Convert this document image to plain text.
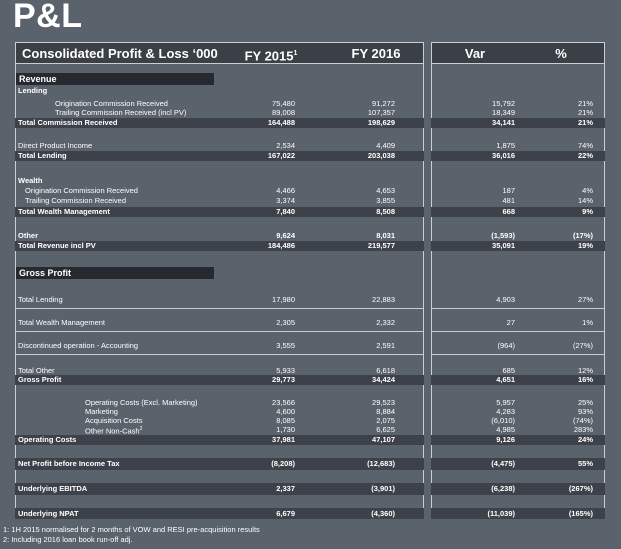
P&L
Consolidated Profit & Loss ‘000	FY 2015$^1$	FY 2016	Var	%
Revenue
Lending
Origination Commission Received	75,480	91,272	15,792	21%
Trailing Commission Received (incl PV)	89,008	107,357	18,349	21%
Total Commission Received	164,488	198,629	34,141	21%
Direct Product Income	2,534	4,409	1,875	74%
Total Lending	167,022	203,038	36,016	22%
Wealth
Origination Commission Received	4,466	4,653	187	4%
Trailing Commission Received	3,374	3,855	481	14%
Total Wealth Management	7,840	8,508	668	9%
Other	9,624	8,031	(1,593)	(17%)
Total Revenue incl PV	184,486	219,577	35,091	19%
Gross Profit
Total Lending	17,980	22,883	4,903	27%
Total Wealth Management	2,305	2,332	27	1%
Discontinued operation - Accounting	3,555	2,591	(964)	(27%)
Total Other	5,933	6,618	685	12%
Gross Profit	29,773	34,424	4,651	16%
Operating Costs (Excl. Marketing)	23,566	29,523	5,957	25%
Marketing	4,600	8,884	4,283	93%
Acquisition Costs	8,085	2,075	(6,010)	(74%)
Other Non-Cash$^2$	1,730	6,625	4,985	283%
Operating Costs	37,981	47,107	9,126	24%
Net Profit before Income Tax	(8,208)	(12,683)	(4,475)	55%
Underlying EBITDA	2,337	(3,901)	(6,238)	(267%)
Underlying NPAT	6,679	(4,360)	(11,039)	(165%)
1: 1H 2015 normalised for 2 months of VOW and RESI pre-acquisition results
2: Including 2016 loan book run-off adj.
